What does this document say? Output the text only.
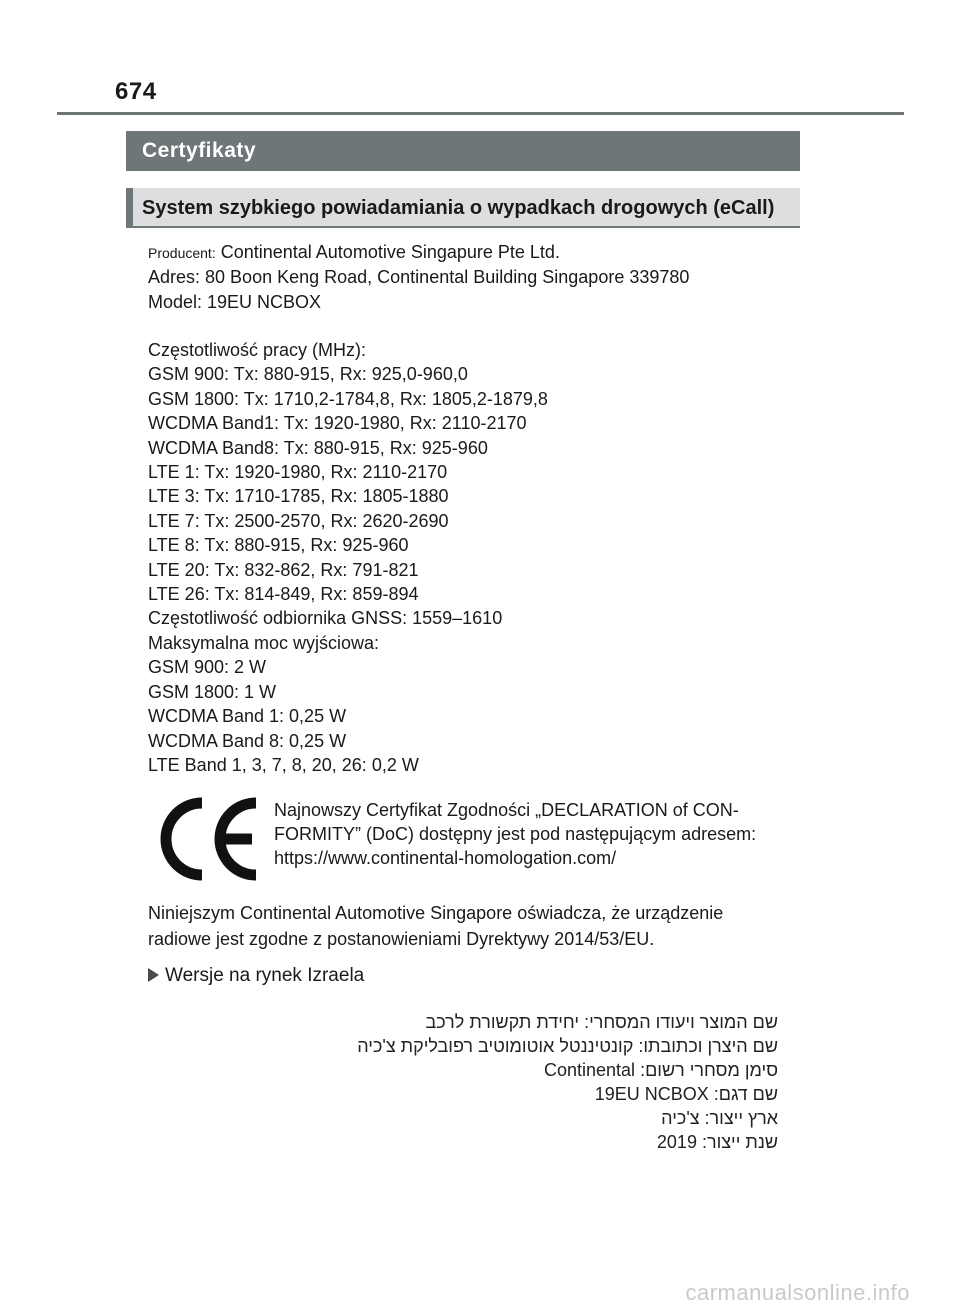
674
Certyfikaty
System szybkiego powiadamiania o wypadkach drogowych (eCall)
Producent: Continental Automotive Singapure Pte Ltd.
Adres: 80 Boon Keng Road, Continental Building Singapore 339780
Model: 19EU NCBOX
Częstotliwość pracy (MHz):
GSM 900: Tx: 880-915, Rx: 925,0-960,0
GSM 1800: Tx: 1710,2-1784,8, Rx: 1805,2-1879,8
WCDMA Band1: Tx: 1920-1980, Rx: 2110-2170
WCDMA Band8: Tx: 880-915, Rx: 925-960
LTE 1: Tx: 1920-1980, Rx: 2110-2170
LTE 3: Tx: 1710-1785, Rx: 1805-1880
LTE 7: Tx: 2500-2570, Rx: 2620-2690
LTE 8: Tx: 880-915, Rx: 925-960
LTE 20: Tx: 832-862, Rx: 791-821
LTE 26: Tx: 814-849, Rx: 859-894
Częstotliwość odbiornika GNSS: 1559–1610
Maksymalna moc wyjściowa:
GSM 900: 2 W
GSM 1800: 1 W
WCDMA Band 1: 0,25 W
WCDMA Band 8: 0,25 W
LTE Band 1, 3, 7, 8, 20, 26: 0,2 W
Najnowszy Certyfikat Zgodności „DECLARATION of CON-
FORMITY” (DoC) dostępny jest pod następującym adresem:
https://www.continental-homologation.com/
Niniejszym Continental Automotive Singapore oświadcza, że urządzenie
radiowe jest zgodne z postanowieniami Dyrektywy 2014/53/EU.
Wersje na rynek Izraela
שם המוצר ויעודו המסחרי: יחידת תקשורת לרכב
שם היצרן וכתובתו: קונטיננטל אוטומוטיב רפובליקת צ'כיה
סימן מסחרי רשום: Continental
שם דגם: 19EU NCBOX
ארץ ייצור: צ'כיה
שנת ייצור: 2019
carmanualsonline.info
